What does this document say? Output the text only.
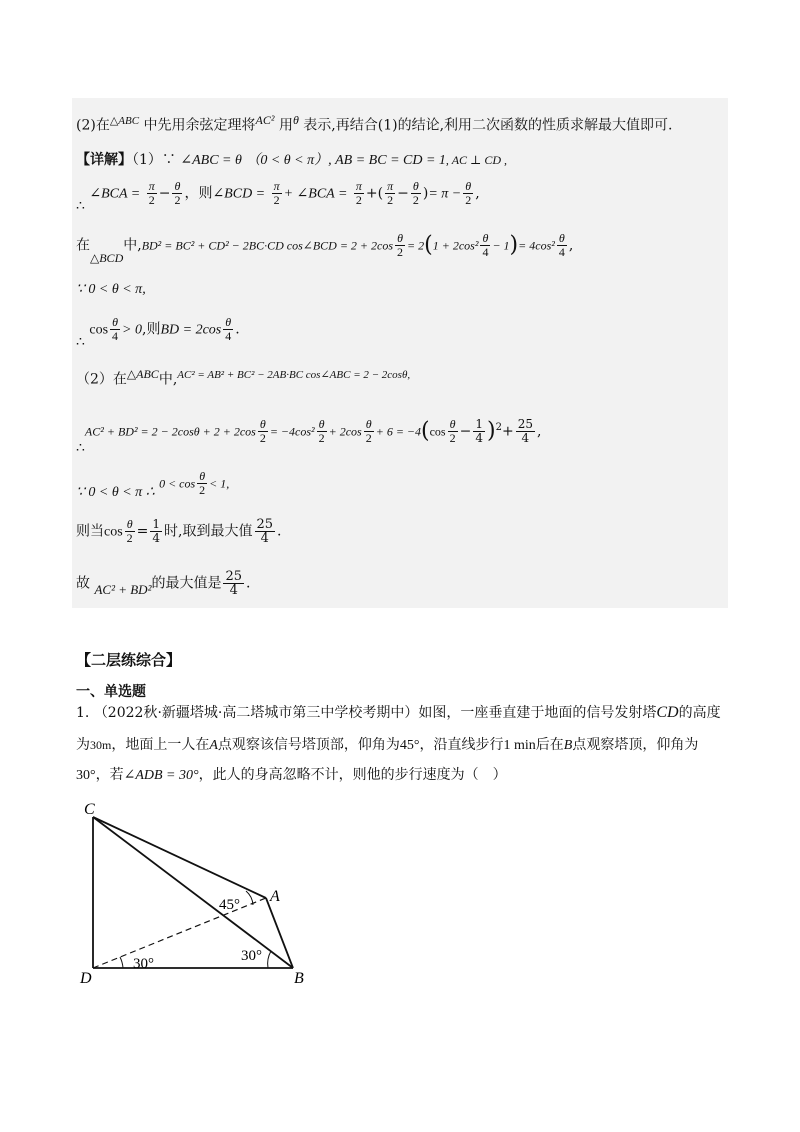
(2)在$^{\triangle ABC}$ 中先用余弦定理将AC² 用θ 表示,再结合(1)的结论,利用二次函数的性质求解最大值即可.
【详解】（1）∵ ∠ABC = θ （0 < θ < π）, AB = BC = CD = 1, AC ⊥ CD ,
∴ ∠BCA = $\frac{\pi}{2} - \frac{\theta}{2}$ ，则∠BCD = $\frac{\pi}{2}$ + ∠BCA = $\frac{\pi}{2}$ +( $\frac{\pi}{2} - \frac{\theta}{2}$ )= $\pi - \frac{\theta}{2}$ ,
在△BCD中,BD² = BC² + CD² − 2BC·CD cos∠BCD = $2 + 2\cos \frac{\theta}{2} = 2(1 + 2\cos^2 \frac{\theta}{4} - 1)= 4\cos^2 \frac{\theta}{4}$ ,
∵ 0 < θ < π,
∴ $\cos \frac{\theta}{4} > 0$,则BD = $2\cos \frac{\theta}{4}$ .
（2）在△ABC中,$^{AC^2 = AB^2 + BC^2 - 2AB\cdot BC cos\angle ABC = 2 - 2cos\theta,}$
∴AC² + $BD^2 = 2 - 2\cos\theta + 2 + 2\cos \frac{\theta}{2} = -4\cos^2 \frac{\theta}{2} + 2\cos \frac{\theta}{2} + 6 = -4(\cos \frac{\theta}{2} - \frac{1}{4} )^2+ \frac{25}{4}$ ,
∵ 0 < θ < π ∴ $0 < \cos \frac{\theta}{2} < 1$,
则当$\cos \frac{\theta}{2} = \frac{1}{4}$ 时,取到最大值 $\frac{25}{4}$ .
故 AC² + BD²的最大值是 $\frac{25}{4}$ .
【二层练综合】
一、单选题
1. （2022秋·新疆塔城·高二塔城市第三中学校考期中）如图，一座垂直建于地面的信号发射塔CD的高度
为30m，地面上一人在A点观察该信号塔顶部，仰角为45°，沿直线步行1 min后在B点观察塔顶，仰角为
30°，若∠ADB = 30°，此人的身高忽略不计，则他的步行速度为（　）
C
A
D	B
45°
30°
30°
